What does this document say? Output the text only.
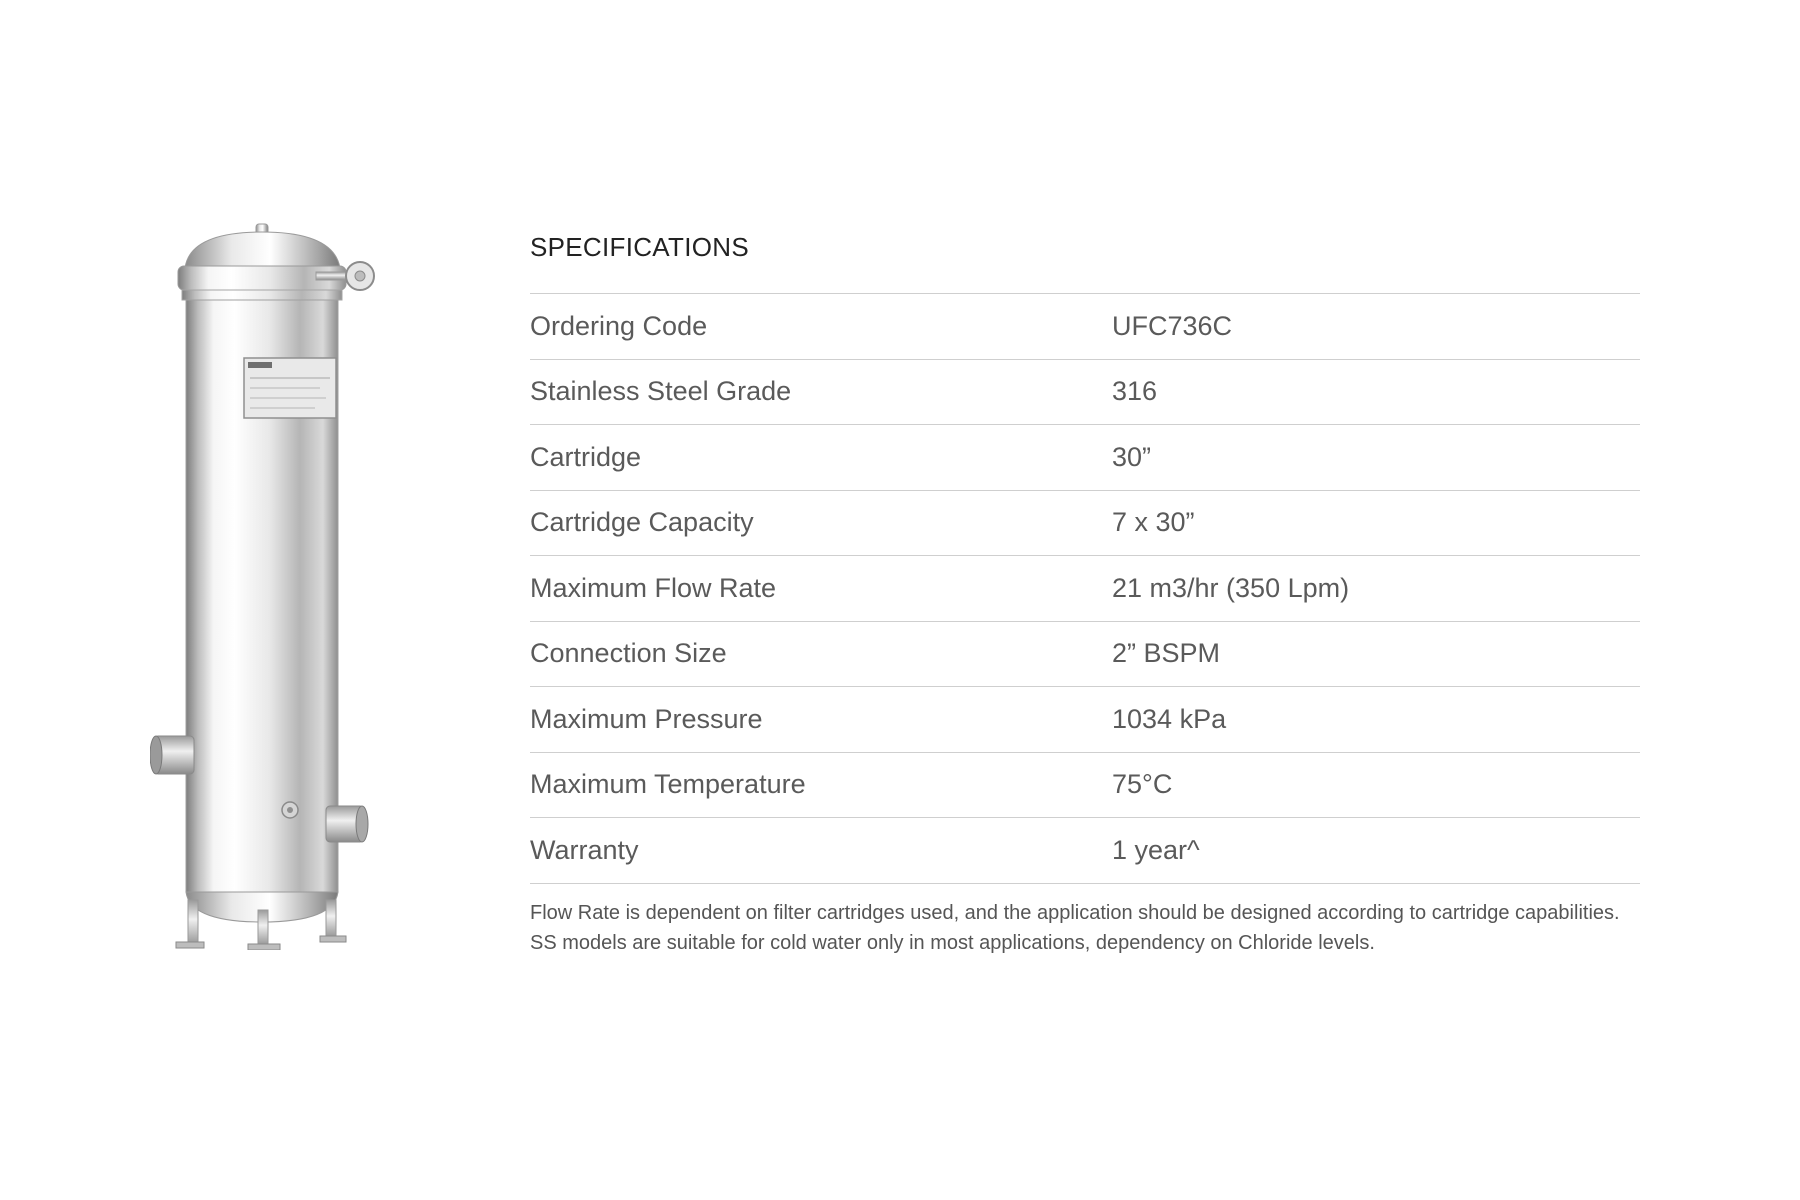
SPECIFICATIONS
Ordering Code	UFC736C
Stainless Steel Grade	316
Cartridge	30”
Cartridge Capacity	7 x 30”
Maximum Flow Rate	21 m3/hr (350 Lpm)
Connection Size	2” BSPM
Maximum Pressure	1034 kPa
Maximum Temperature	75°C
Warranty	1 year^

Flow Rate is dependent on filter cartridges used, and the application should be designed according to cartridge capabilities. SS models are suitable for cold water only in most applications, dependency on Chloride levels.
